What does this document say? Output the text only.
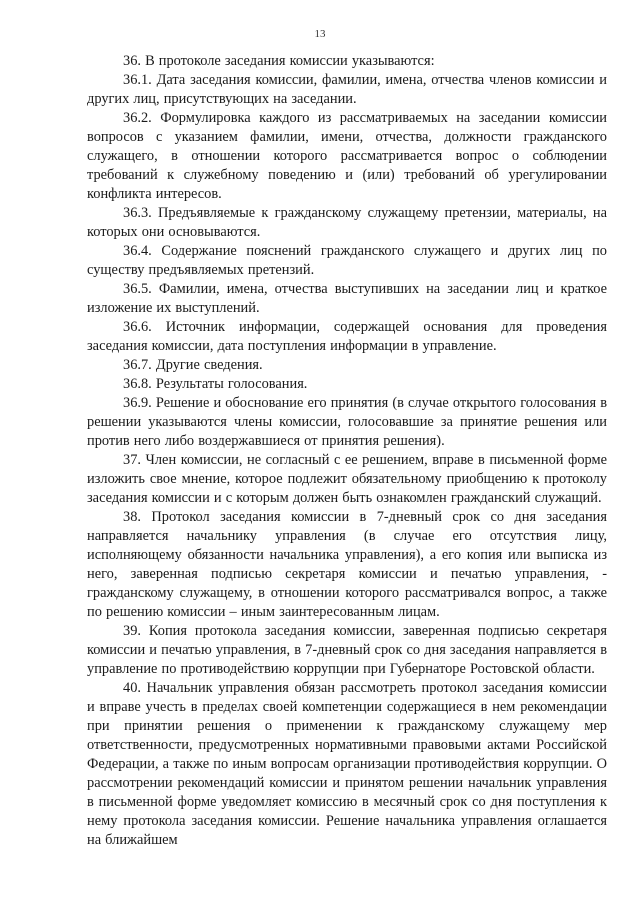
13

36. В протоколе заседания комиссии указываются:

36.1. Дата заседания комиссии, фамилии, имена, отчества членов комиссии и других лиц, присутствующих на заседании.

36.2. Формулировка каждого из рассматриваемых на заседании комиссии вопросов с указанием фамилии, имени, отчества, должности гражданского служащего, в отношении которого рассматривается вопрос о соблюдении требований к служебному поведению и (или) требований об урегулировании конфликта интересов.

36.3. Предъявляемые к гражданскому служащему претензии, материалы, на которых они основываются.

36.4. Содержание пояснений гражданского служащего и других лиц по существу предъявляемых претензий.

36.5. Фамилии, имена, отчества выступивших на заседании лиц и краткое изложение их выступлений.

36.6. Источник информации, содержащей основания для проведения заседания комиссии, дата поступления информации в управление.

36.7. Другие сведения.

36.8. Результаты голосования.

36.9. Решение и обоснование его принятия (в случае открытого голосования в решении указываются члены комиссии, голосовавшие за принятие решения или против него либо воздержавшиеся от принятия решения).

37. Член комиссии, не согласный с ее решением, вправе в письменной форме изложить свое мнение, которое подлежит обязательному приобщению к протоколу заседания комиссии и с которым должен быть ознакомлен гражданский служащий.

38. Протокол заседания комиссии в 7-дневный срок со дня заседания направляется начальнику управления (в случае его отсутствия лицу, исполняющему обязанности начальника управления), а его копия или выписка из него, заверенная подписью секретаря комиссии и печатью управления, - гражданскому служащему, в отношении которого рассматривался вопрос, а также по решению комиссии – иным заинтересованным лицам.

39. Копия протокола заседания комиссии, заверенная подписью секретаря комиссии и печатью управления, в 7-дневный срок со дня заседания направляется в управление по противодействию коррупции при Губернаторе Ростовской области.

40. Начальник управления обязан рассмотреть протокол заседания комиссии и вправе учесть в пределах своей компетенции содержащиеся в нем рекомендации при принятии решения о применении к гражданскому служащему мер ответственности, предусмотренных нормативными правовыми актами Российской Федерации, а также по иным вопросам организации противодействия коррупции. О рассмотрении рекомендаций комиссии и принятом решении начальник управления в письменной форме уведомляет комиссию в месячный срок со дня поступления к нему протокола заседания комиссии. Решение начальника управления оглашается на ближайшем
